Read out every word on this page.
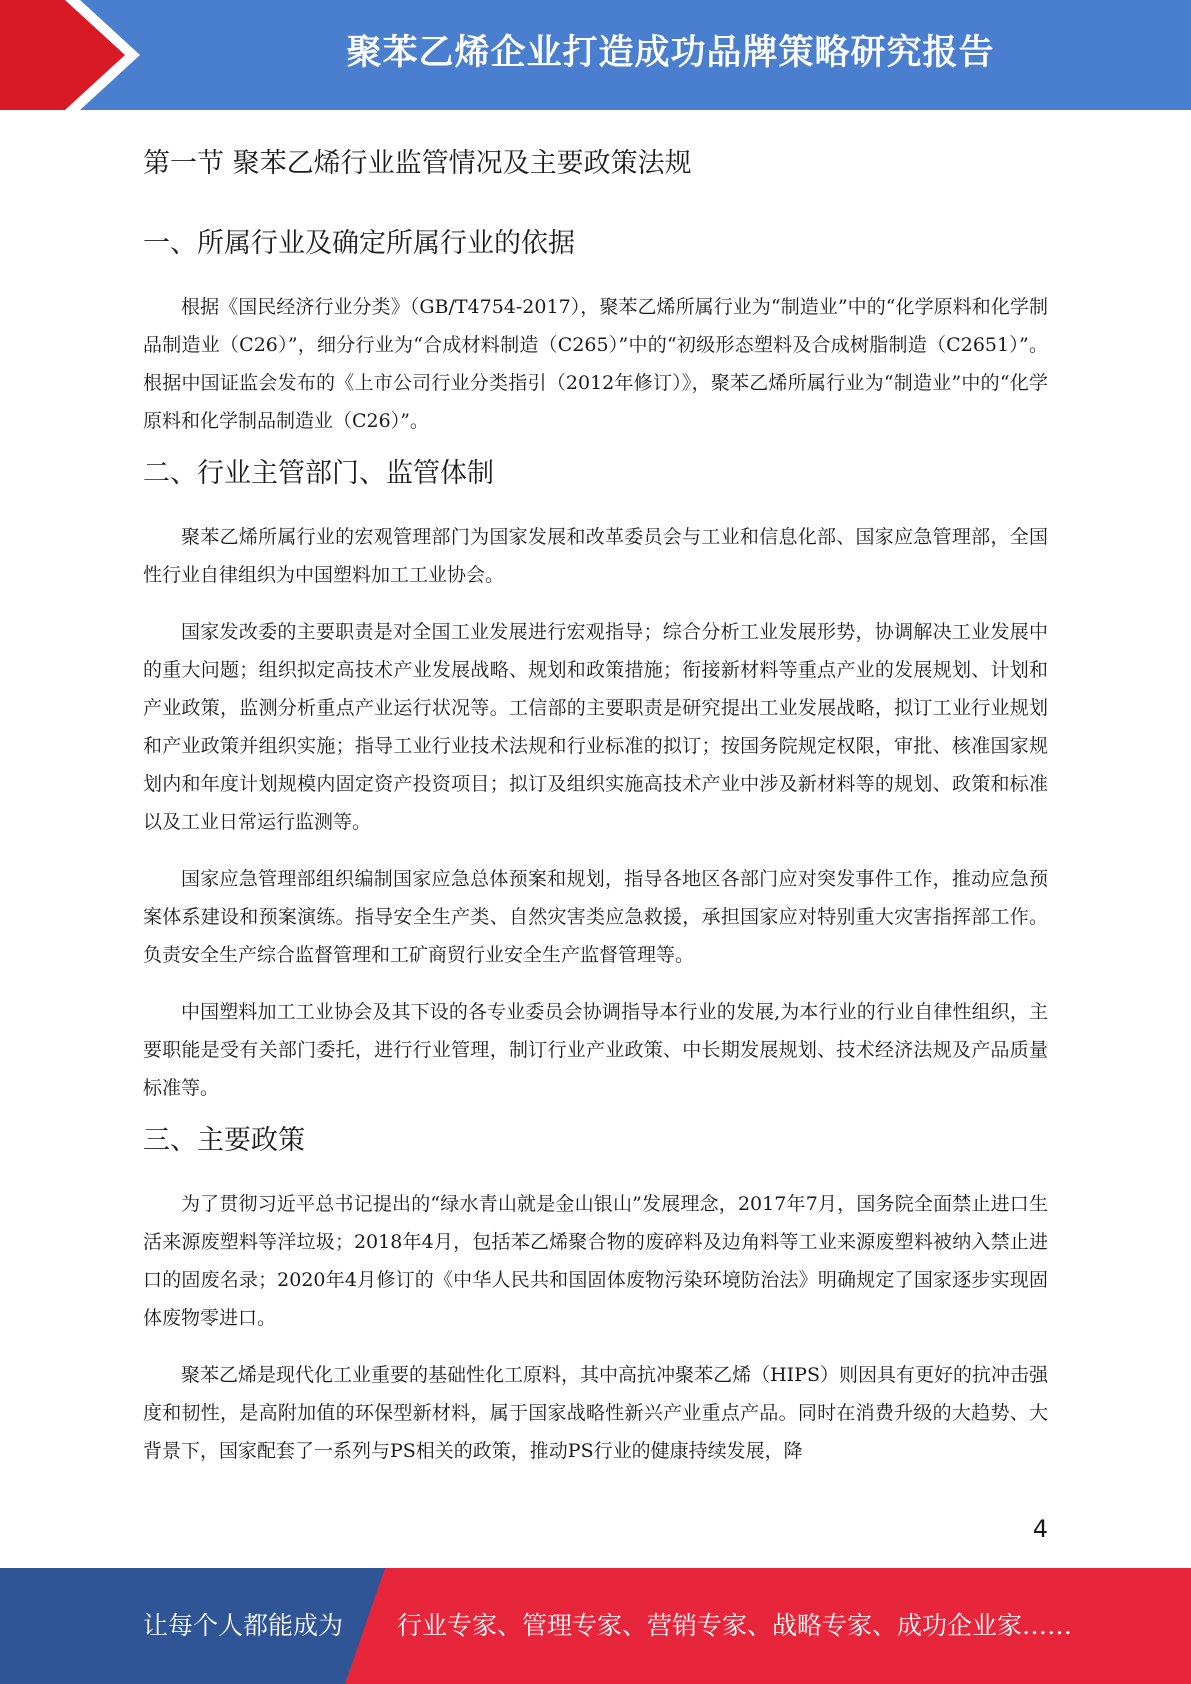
聚苯乙烯企业打造成功品牌策略研究报告
第一节 聚苯乙烯行业监管情况及主要政策法规
一、所属行业及确定所属行业的依据

根据《国民经济行业分类》（GB/T4754-2017），聚苯乙烯所属行业为“制造业”中的“化学原料和化学制品制造业（C26）”，细分行业为“合成材料制造（C265）”中的“初级形态塑料及合成树脂制造（C2651）”。根据中国证监会发布的《上市公司行业分类指引（2012年修订）》，聚苯乙烯所属行业为“制造业”中的“化学原料和化学制品制造业（C26）”。

二、行业主管部门、监管体制

聚苯乙烯所属行业的宏观管理部门为国家发展和改革委员会与工业和信息化部、国家应急管理部，全国性行业自律组织为中国塑料加工工业协会。

国家发改委的主要职责是对全国工业发展进行宏观指导；综合分析工业发展形势，协调解决工业发展中的重大问题；组织拟定高技术产业发展战略、规划和政策措施；衔接新材料等重点产业的发展规划、计划和产业政策，监测分析重点产业运行状况等。工信部的主要职责是研究提出工业发展战略，拟订工业行业规划和产业政策并组织实施；指导工业行业技术法规和行业标准的拟订；按国务院规定权限，审批、核准国家规划内和年度计划规模内固定资产投资项目；拟订及组织实施高技术产业中涉及新材料等的规划、政策和标准以及工业日常运行监测等。

国家应急管理部组织编制国家应急总体预案和规划，指导各地区各部门应对突发事件工作，推动应急预案体系建设和预案演练。指导安全生产类、自然灾害类应急救援，承担国家应对特别重大灾害指挥部工作。负责安全生产综合监督管理和工矿商贸行业安全生产监督管理等。

中国塑料加工工业协会及其下设的各专业委员会协调指导本行业的发展,为本行业的行业自律性组织，主要职能是受有关部门委托，进行行业管理，制订行业产业政策、中长期发展规划、技术经济法规及产品质量标准等。

三、主要政策

为了贯彻习近平总书记提出的“绿水青山就是金山银山”发展理念，2017年7月，国务院全面禁止进口生活来源废塑料等洋垃圾；2018年4月，包括苯乙烯聚合物的废碎料及边角料等工业来源废塑料被纳入禁止进口的固废名录；2020年4月修订的《中华人民共和国固体废物污染环境防治法》明确规定了国家逐步实现固体废物零进口。

聚苯乙烯是现代化工业重要的基础性化工原料，其中高抗冲聚苯乙烯（HIPS）则因具有更好的抗冲击强度和韧性，是高附加值的环保型新材料，属于国家战略性新兴产业重点产品。同时在消费升级的大趋势、大背景下，国家配套了一系列与PS相关的政策，推动PS行业的健康持续发展，降

4
让每个人都能成为 行业专家、管理专家、营销专家、战略专家、成功企业家……
